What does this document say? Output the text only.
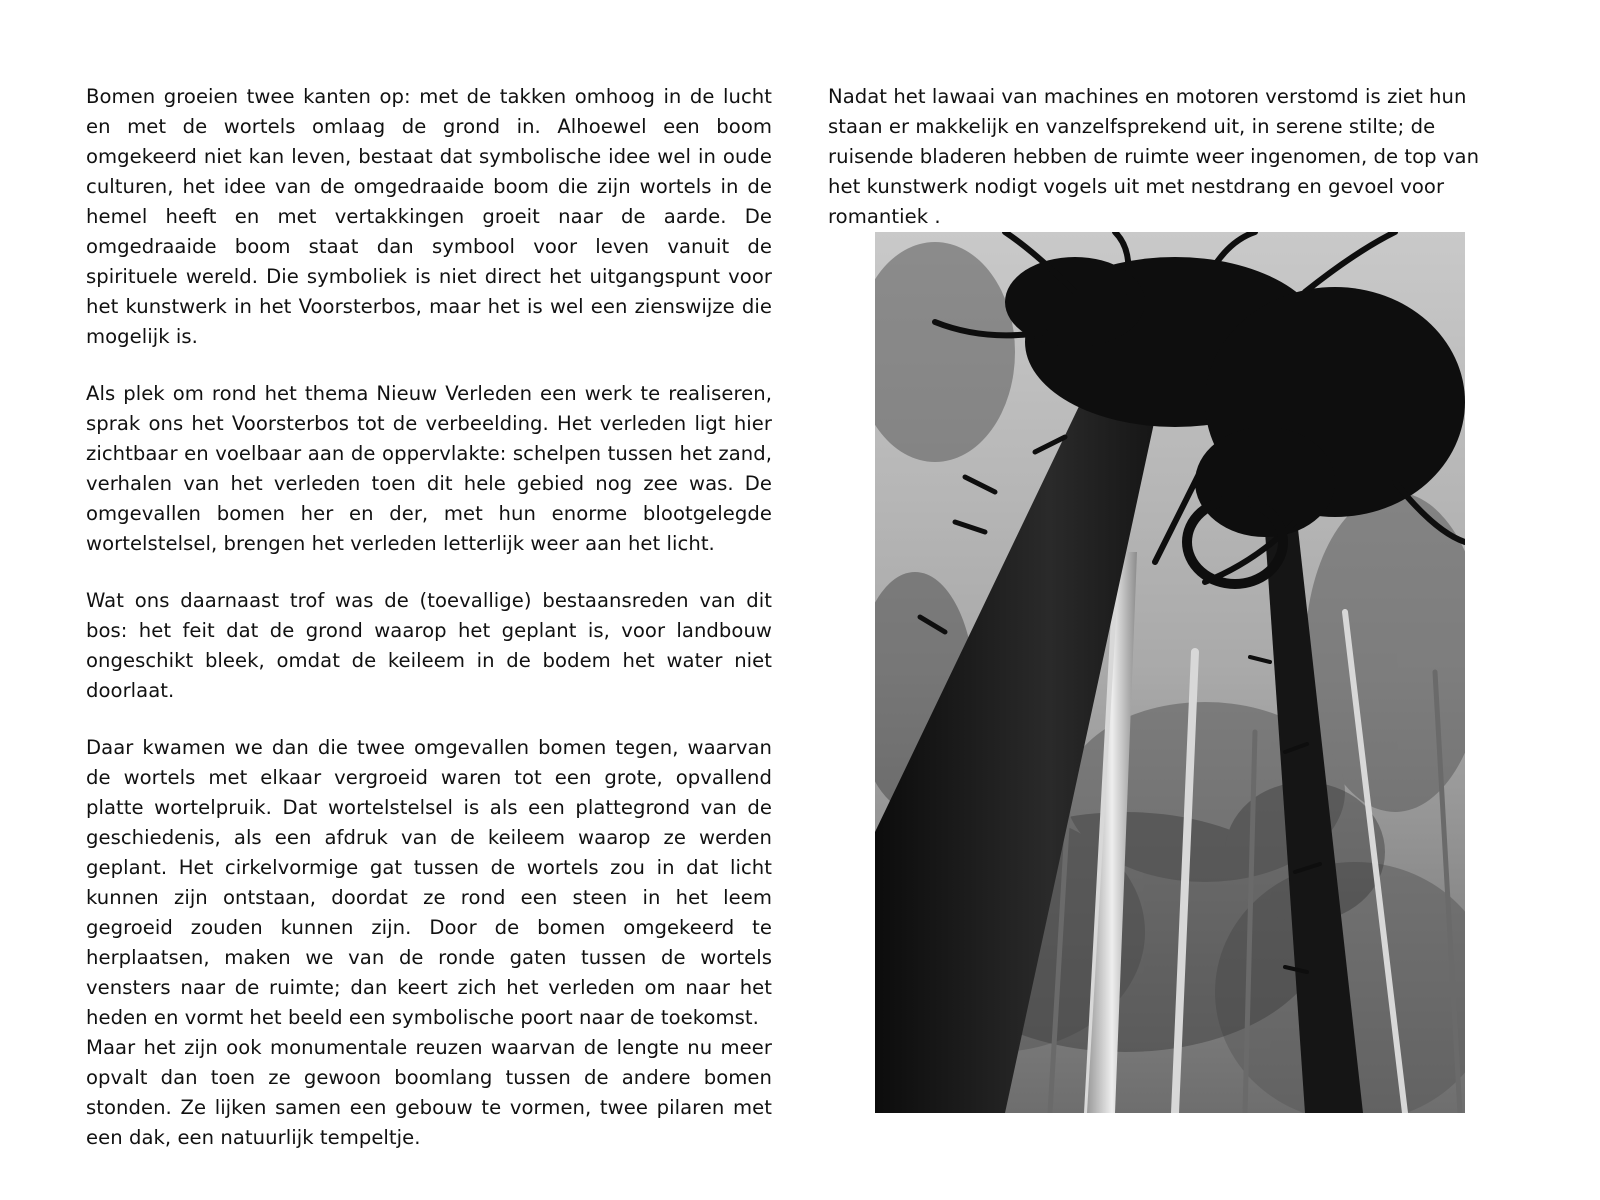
Bomen groeien twee kanten op: met de takken omhoog in de lucht en met de wortels omlaag de grond in. Alhoewel een boom omgekeerd niet kan leven, bestaat dat symbolische idee wel in oude culturen, het idee van de omgedraaide boom die zijn wortels in de hemel heeft en met vertakkingen groeit naar de aarde. De omgedraaide boom staat dan symbool voor leven vanuit de spirituele wereld. Die symboliek is niet direct het uitgangspunt voor het kunstwerk in het Voorsterbos, maar het is wel een zienswijze die mogelijk is.

Als plek om rond het thema Nieuw Verleden een werk te realiseren, sprak ons het Voorsterbos tot de verbeelding. Het verleden ligt hier zichtbaar en voelbaar aan de oppervlakte: schelpen tussen het zand, verhalen van het verleden toen dit hele gebied nog zee was. De omgevallen bomen her en der, met hun enorme blootgelegde wortelstelsel, brengen het verleden letterlijk weer aan het licht.

Wat ons daarnaast trof was de (toevallige) bestaansreden van dit bos: het feit dat de grond waarop het geplant is, voor landbouw ongeschikt bleek, omdat de keileem in de bodem het water niet doorlaat.

Daar kwamen we dan die twee omgevallen bomen tegen, waarvan de wortels met elkaar vergroeid waren tot een grote, opvallend platte wortelpruik. Dat wortelstelsel is als een plattegrond van de geschiedenis, als een afdruk van de keileem waarop ze werden geplant. Het cirkelvormige gat tussen de wortels zou in dat licht kunnen zijn ontstaan, doordat ze rond een steen in het leem gegroeid zouden kunnen zijn. Door de bomen omgekeerd te herplaatsen, maken we van de ronde gaten tussen de wortels vensters naar de ruimte; dan keert zich het verleden om naar het heden en vormt het beeld een symbolische poort naar de toekomst.

Maar het zijn ook monumentale reuzen waarvan de lengte nu meer opvalt dan toen ze gewoon boomlang tussen de andere bomen stonden. Ze lijken samen een gebouw te vormen, twee pilaren met een dak, een natuurlijk tempeltje.

Nadat het lawaai van machines en motoren verstomd is ziet hun staan er makkelijk en vanzelfsprekend uit, in serene stilte; de ruisende bladeren hebben de ruimte weer ingenomen, de top van het kunstwerk nodigt vogels uit met nestdrang en gevoel voor romantiek .
